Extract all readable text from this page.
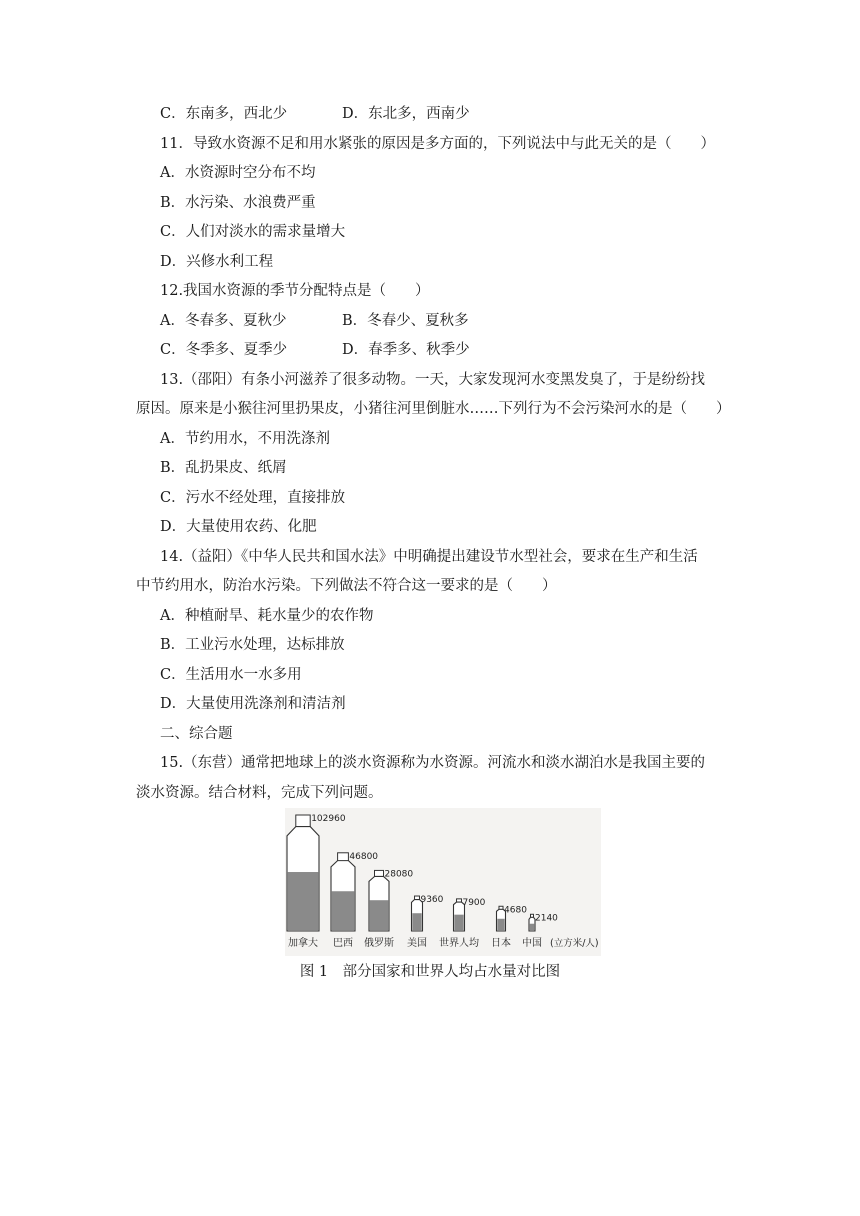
C．东南多，西北少	D．东北多，西南少
11．导致水资源不足和用水紧张的原因是多方面的，下列说法中与此无关的是（　　）
A．水资源时空分布不均
B．水污染、水浪费严重
C．人们对淡水的需求量增大
D．兴修水利工程
12.我国水资源的季节分配特点是（　　）
A．冬春多、夏秋少	B．冬春少、夏秋多
C．冬季多、夏季少	D．春季多、秋季少
13.（邵阳）有条小河滋养了很多动物。一天，大家发现河水变黑发臭了，于是纷纷找
原因。原来是小猴往河里扔果皮，小猪往河里倒脏水……下列行为不会污染河水的是（　　）
A．节约用水，不用洗涤剂
B．乱扔果皮、纸屑
C．污水不经处理，直接排放
D．大量使用农药、化肥
14.（益阳）《中华人民共和国水法》中明确提出建设节水型社会，要求在生产和生活
中节约用水，防治水污染。下列做法不符合这一要求的是（　　）
A．种植耐旱、耗水量少的农作物
B．工业污水处理，达标排放
C．生活用水一水多用
D．大量使用洗涤剂和清洁剂
二、综合题
15.（东营）通常把地球上的淡水资源称为水资源。河流水和淡水湖泊水是我国主要的
淡水资源。结合材料，完成下列问题。
102960
加拿大
46800
巴西
28080
俄罗斯
9360
美国
7900
世界人均
4680
日本
2140
中国 (立方米/人)
图 1　部分国家和世界人均占水量对比图
